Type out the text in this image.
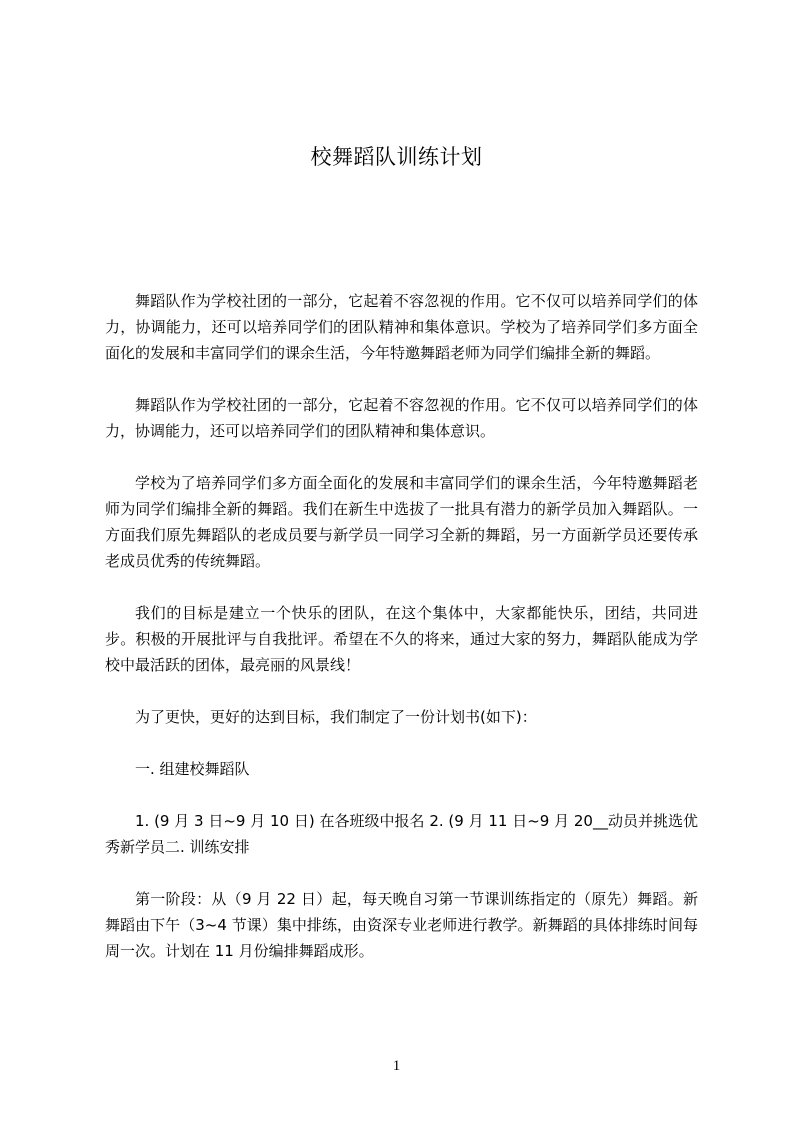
校舞蹈队训练计划

舞蹈队作为学校社团的一部分，它起着不容忽视的作用。它不仅可以培养同学们的体力，协调能力，还可以培养同学们的团队精神和集体意识。学校为了培养同学们多方面全面化的发展和丰富同学们的课余生活，今年特邀舞蹈老师为同学们编排全新的舞蹈。

舞蹈队作为学校社团的一部分，它起着不容忽视的作用。它不仅可以培养同学们的体力，协调能力，还可以培养同学们的团队精神和集体意识。

学校为了培养同学们多方面全面化的发展和丰富同学们的课余生活，今年特邀舞蹈老师为同学们编排全新的舞蹈。我们在新生中选拔了一批具有潜力的新学员加入舞蹈队。一方面我们原先舞蹈队的老成员要与新学员一同学习全新的舞蹈，另一方面新学员还要传承老成员优秀的传统舞蹈。

我们的目标是建立一个快乐的团队，在这个集体中，大家都能快乐，团结，共同进步。积极的开展批评与自我批评。希望在不久的将来，通过大家的努力，舞蹈队能成为学校中最活跃的团体，最亮丽的风景线！

为了更快，更好的达到目标，我们制定了一份计划书(如下)：

一. 组建校舞蹈队

1. (9 月 3 日~9 月 10 日) 在各班级中报名 2. (9 月 11 日~9 月 20__动员并挑选优秀新学员二. 训练安排

第一阶段：从（9 月 22 日）起，每天晚自习第一节课训练指定的（原先）舞蹈。新舞蹈由下午（3~4 节课）集中排练，由资深专业老师进行教学。新舞蹈的具体排练时间每周一次。计划在 11 月份编排舞蹈成形。

1
